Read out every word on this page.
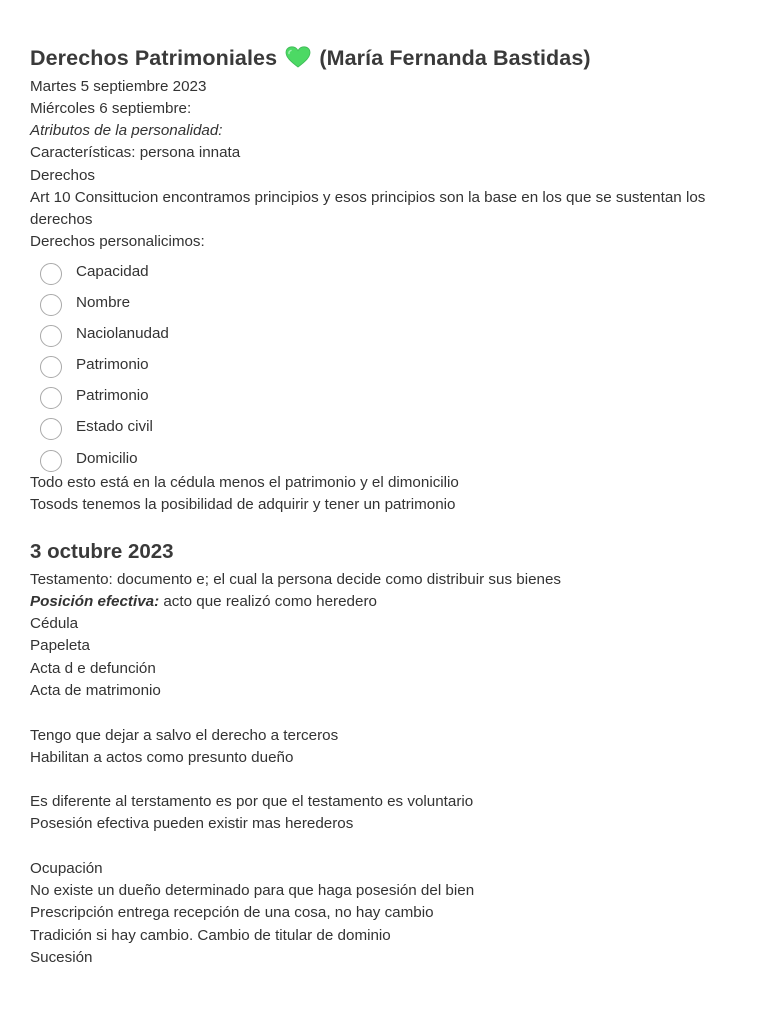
Derechos Patrimoniales (María Fernanda Bastidas)
Martes 5 septiembre 2023
Miércoles 6 septiembre:
Atributos de la personalidad:
Características: persona innata
Derechos
Art 10 Consittucion encontramos principios y esos principios son la base en los que se sustentan los derechos
Derechos personalicimos:
Capacidad
Nombre
Naciolanudad
Patrimonio
Patrimonio
Estado civil
Domicilio
Todo esto está en la cédula menos el patrimonio y el dimonicilio
Tosods tenemos la posibilidad de adquirir y tener un patrimonio
3 octubre 2023
Testamento: documento e; el cual la persona decide como distribuir sus bienes
Posición efectiva: acto que realizó como heredero
Cédula
Papeleta
Acta d e defunción
Acta de matrimonio
Tengo que dejar a salvo el derecho a terceros
Habilitan a actos como presunto dueño
Es diferente al terstamento es por que el testamento es voluntario
Posesión efectiva pueden existir mas herederos
Ocupación
No existe un dueño determinado para que haga posesión del bien
Prescripción entrega recepción de una cosa, no hay cambio
Tradición si hay cambio. Cambio de titular de dominio
Sucesión
